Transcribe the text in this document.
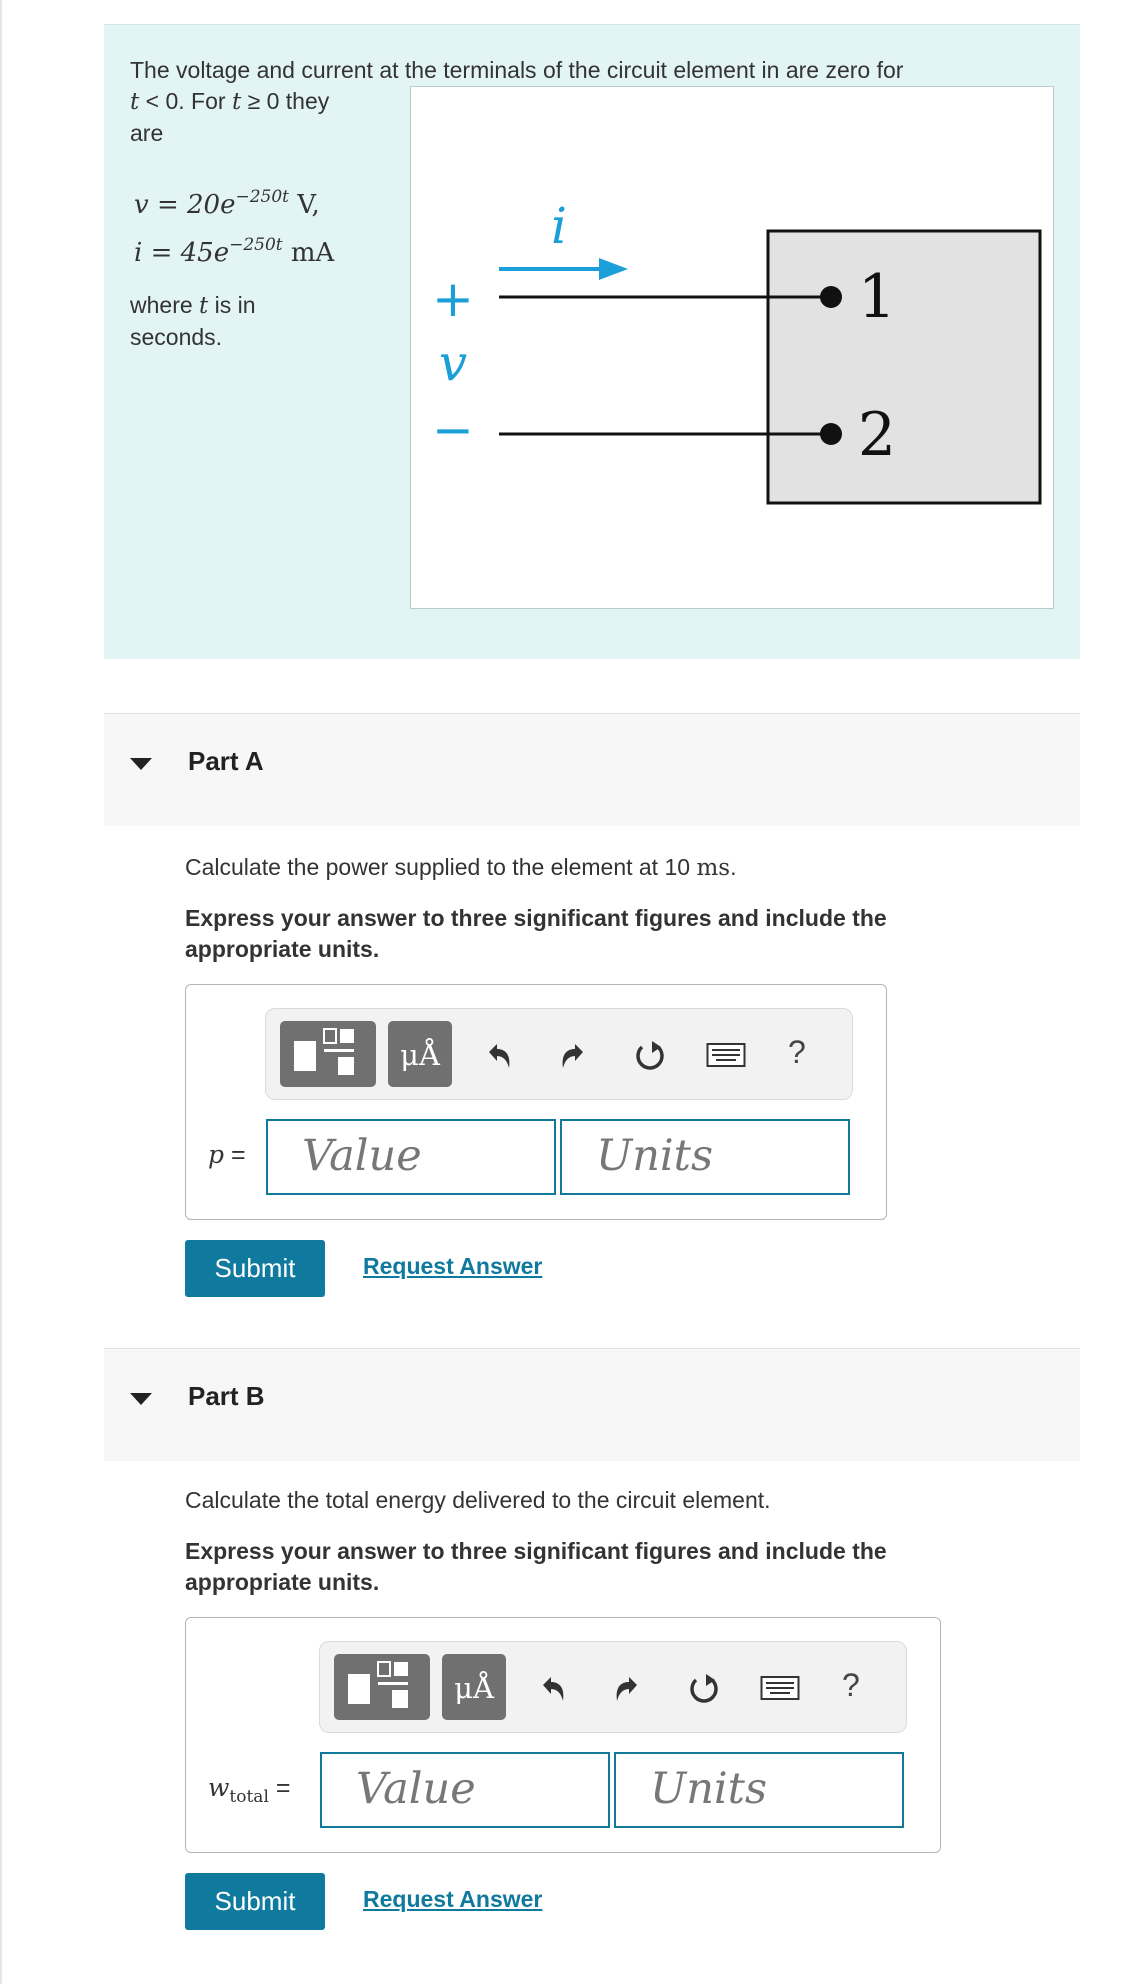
The voltage and current at the terminals of the circuit element in are zero for
t < 0. For t ≥ 0 they
are
$v = 20e^{-250t}$ V,
$i = 45e^{-250t}$ mA
where t is in
seconds.
i
+
v
−
1
2
Part A
Calculate the power supplied to the element at 10 ms.
Express your answer to three significant figures and include the appropriate units.
μÅ	?
p = Value	Units
Submit	Request Answer
Part B
Calculate the total energy delivered to the circuit element.
Express your answer to three significant figures and include the appropriate units.
μÅ	?
$w_{total}$ = Value	Units
Submit	Request Answer
